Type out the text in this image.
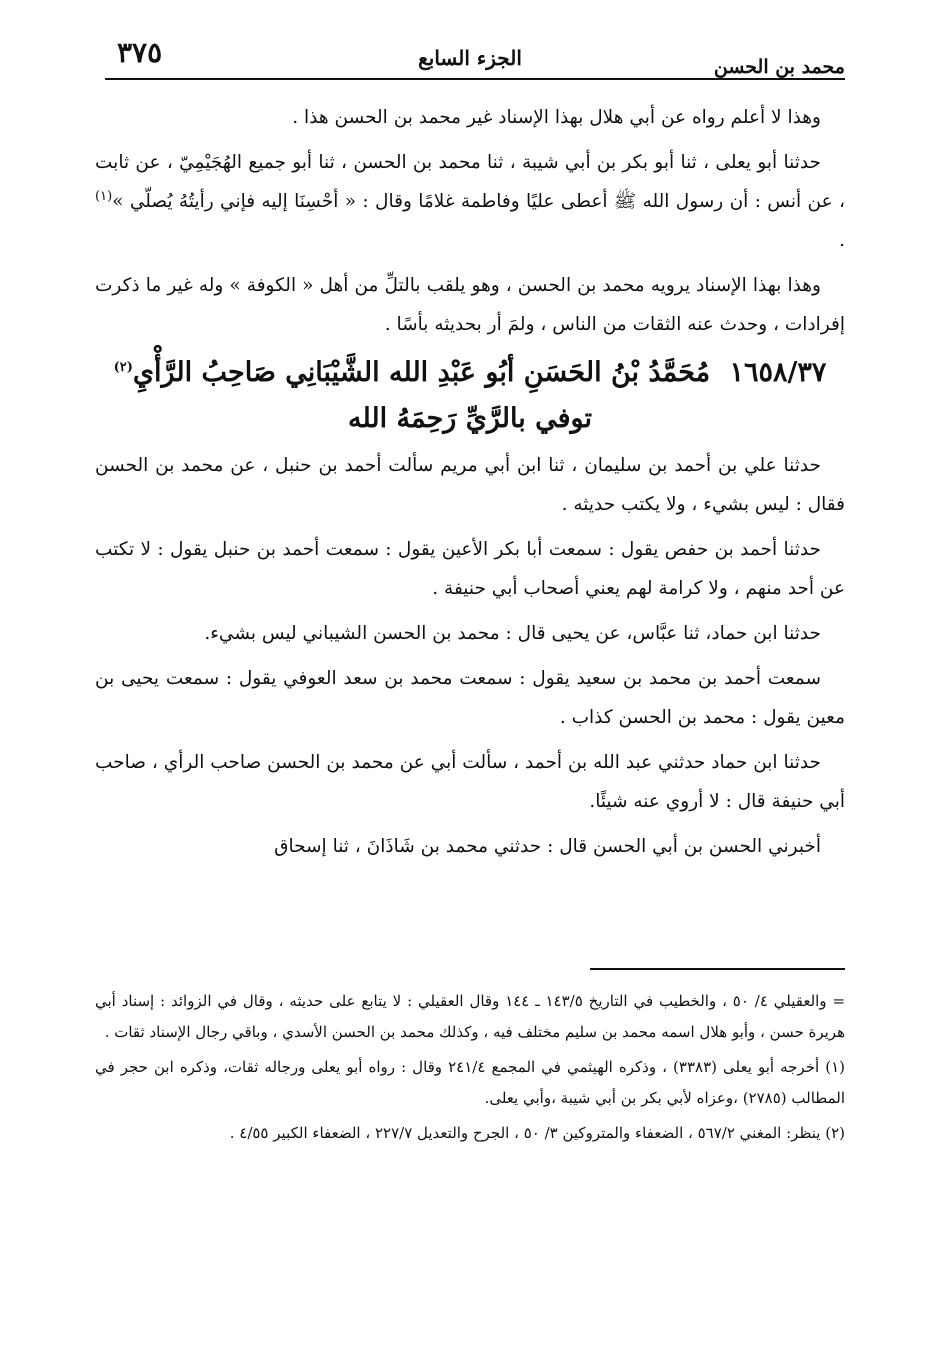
محمد بن الحسن
الجزء السابع
٣٧٥

وهذا لا أعلم رواه عن أبي هلال بهذا الإسناد غير محمد بن الحسن هذا .

حدثنا أبو يعلى ، ثنا أبو بكر بن أبي شيبة ، ثنا محمد بن الحسن ، ثنا أبو جميع الهُجَيْمِيّ ، عن ثابت ، عن أنس : أن رسول الله ﷺ أعطى عليًا وفاطمة غلامًا وقال : « أحْسِنَا إليه فإني رأيتُهُ يُصلّي »$^{(١)}$ .

وهذا بهذا الإسناد يرويه محمد بن الحسن ، وهو يلقب بالتلِّ من أهل « الكوفة » وله غير ما ذكرت إفرادات ، وحدث عنه الثقات من الناس ، ولمَ أر بحديثه بأسًا .

١٦٥٨/٣٧ مُحَمَّدُ بْنُ الحَسَنِ أبُو عَبْدِ الله الشَّيْبَانِي صَاحِبُ الرَّأْيِ$^{(٢)}$
توفي بالرَّيِّ رَحِمَهُ الله

حدثنا علي بن أحمد بن سليمان ، ثنا ابن أبي مريم سألت أحمد بن حنبل ، عن محمد بن الحسن فقال : ليس بشيء ، ولا يكتب حديثه .

حدثنا أحمد بن حفص يقول : سمعت أبا بكر الأعين يقول : سمعت أحمد بن حنبل يقول : لا تكتب عن أحد منهم ، ولا كرامة لهم يعني أصحاب أبي حنيفة .

حدثنا ابن حماد، ثنا عبَّاس، عن يحيى قال : محمد بن الحسن الشيباني ليس بشيء.

سمعت أحمد بن محمد بن سعيد يقول : سمعت محمد بن سعد العوفي يقول : سمعت يحيى بن معين يقول : محمد بن الحسن كذاب .

حدثنا ابن حماد حدثني عبد الله بن أحمد ، سألت أبي عن محمد بن الحسن صاحب الرأي ، صاحب أبي حنيفة قال : لا أروي عنه شيئًا.

أخبرني الحسن بن أبي الحسن قال : حدثني محمد بن شَاذَانَ ، ثنا إسحاق

= والعقيلي ٤/ ٥٠ ، والخطيب في التاريخ ١٤٣/٥ ـ ١٤٤ وقال العقيلي : لا يتابع على حديثه ، وقال في الزوائد : إسناد أبي هريرة حسن ، وأبو هلال اسمه محمد بن سليم مختلف فيه ، وكذلك محمد بن الحسن الأسدي ، وباقي رجال الإسناد ثقات .

(١) أخرجه أبو يعلى (٣٣٨٣) ، وذكره الهيثمي في المجمع ٢٤١/٤ وقال : رواه أبو يعلى ورجاله ثقات، وذكره ابن حجر في المطالب (٢٧٨٥) ،وعزاه لأبي بكر بن أبي شيبة ،وأبي يعلى.

(٢) ينظر: المغني ٥٦٧/٢ ، الضعفاء والمتروكين ٣/ ٥٠ ، الجرح والتعديل ٢٢٧/٧ ، الضعفاء الكبير ٤/٥٥ .
